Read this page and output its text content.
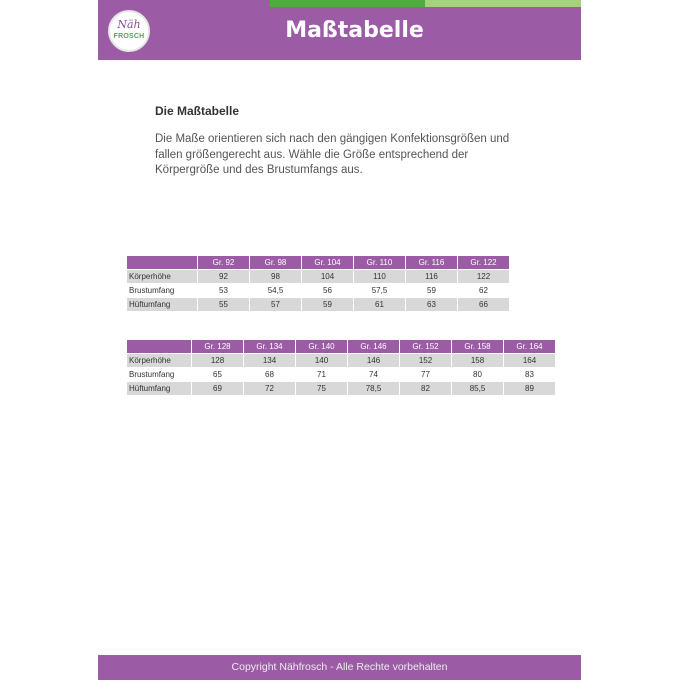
Näh
FROSCH	Maßtabelle
Die Maßtabelle

Die Maße orientieren sich nach den gängigen Konfektionsgrößen und fallen größengerecht aus. Wähle die Größe entsprechend der Körpergröße und des Brustumfangs aus.

	Gr. 92	Gr. 98	Gr. 104	Gr. 110	Gr. 116	Gr. 122
Körperhöhe	92	98	104	110	116	122
Brustumfang	53	54,5	56	57,5	59	62
Hüftumfang	55	57	59	61	63	66
	Gr. 128	Gr. 134	Gr. 140	Gr. 146	Gr. 152	Gr. 158	Gr. 164
Körperhöhe	128	134	140	146	152	158	164
Brustumfang	65	68	71	74	77	80	83
Hüftumfang	69	72	75	78,5	82	85,5	89
Copyright Nähfrosch - Alle Rechte vorbehalten
